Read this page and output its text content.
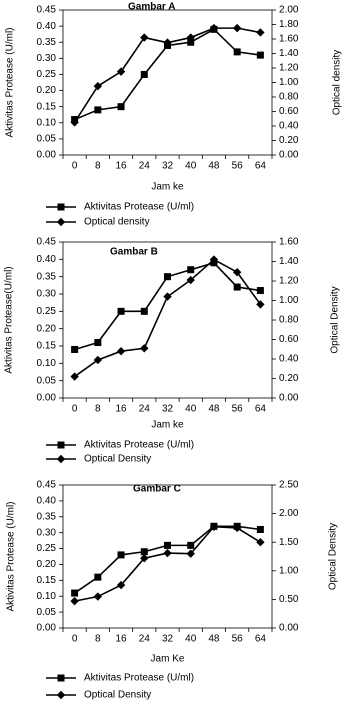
0.00
0.05
0.10
0.15
0.20
0.25
0.30
0.35
0.40
0.45
0.00
0.20
0.40
0.60
0.80
1.00
1.20
1.40
1.60
1.80
2.00
0 8 16 24 32 40 48 56 64
Gambar A
Jam ke
Aktivitas Protease (U/ml)	Optical density
Aktivitas Protease (U/ml)
Optical density
0.00
0.05
0.10
0.15
0.20
0.25
0.30
0.35
0.40
0.45
0.00
0.20
0.40
0.60
0.80
1.00
1.20
1.40
1.60
0 8 16 24 32 40 48 56 64
Gambar B
Jam ke
Aktivitas Protease(U/ml)	Optical Density
Aktivitas Protease (U/ml)
Optical Density
0.00
0.05
0.10
0.15
0.20
0.25
0.30
0.35
0.40
0.45
0.00
0.50
1.00
1.50
2.00
2.50
0 8 16 24 32 40 48 56 64
Gambar C
Jam Ke
Aktivitas Protease (U/ml)	Optical Density
Aktivitas Protease (U/ml)
Optical Density
